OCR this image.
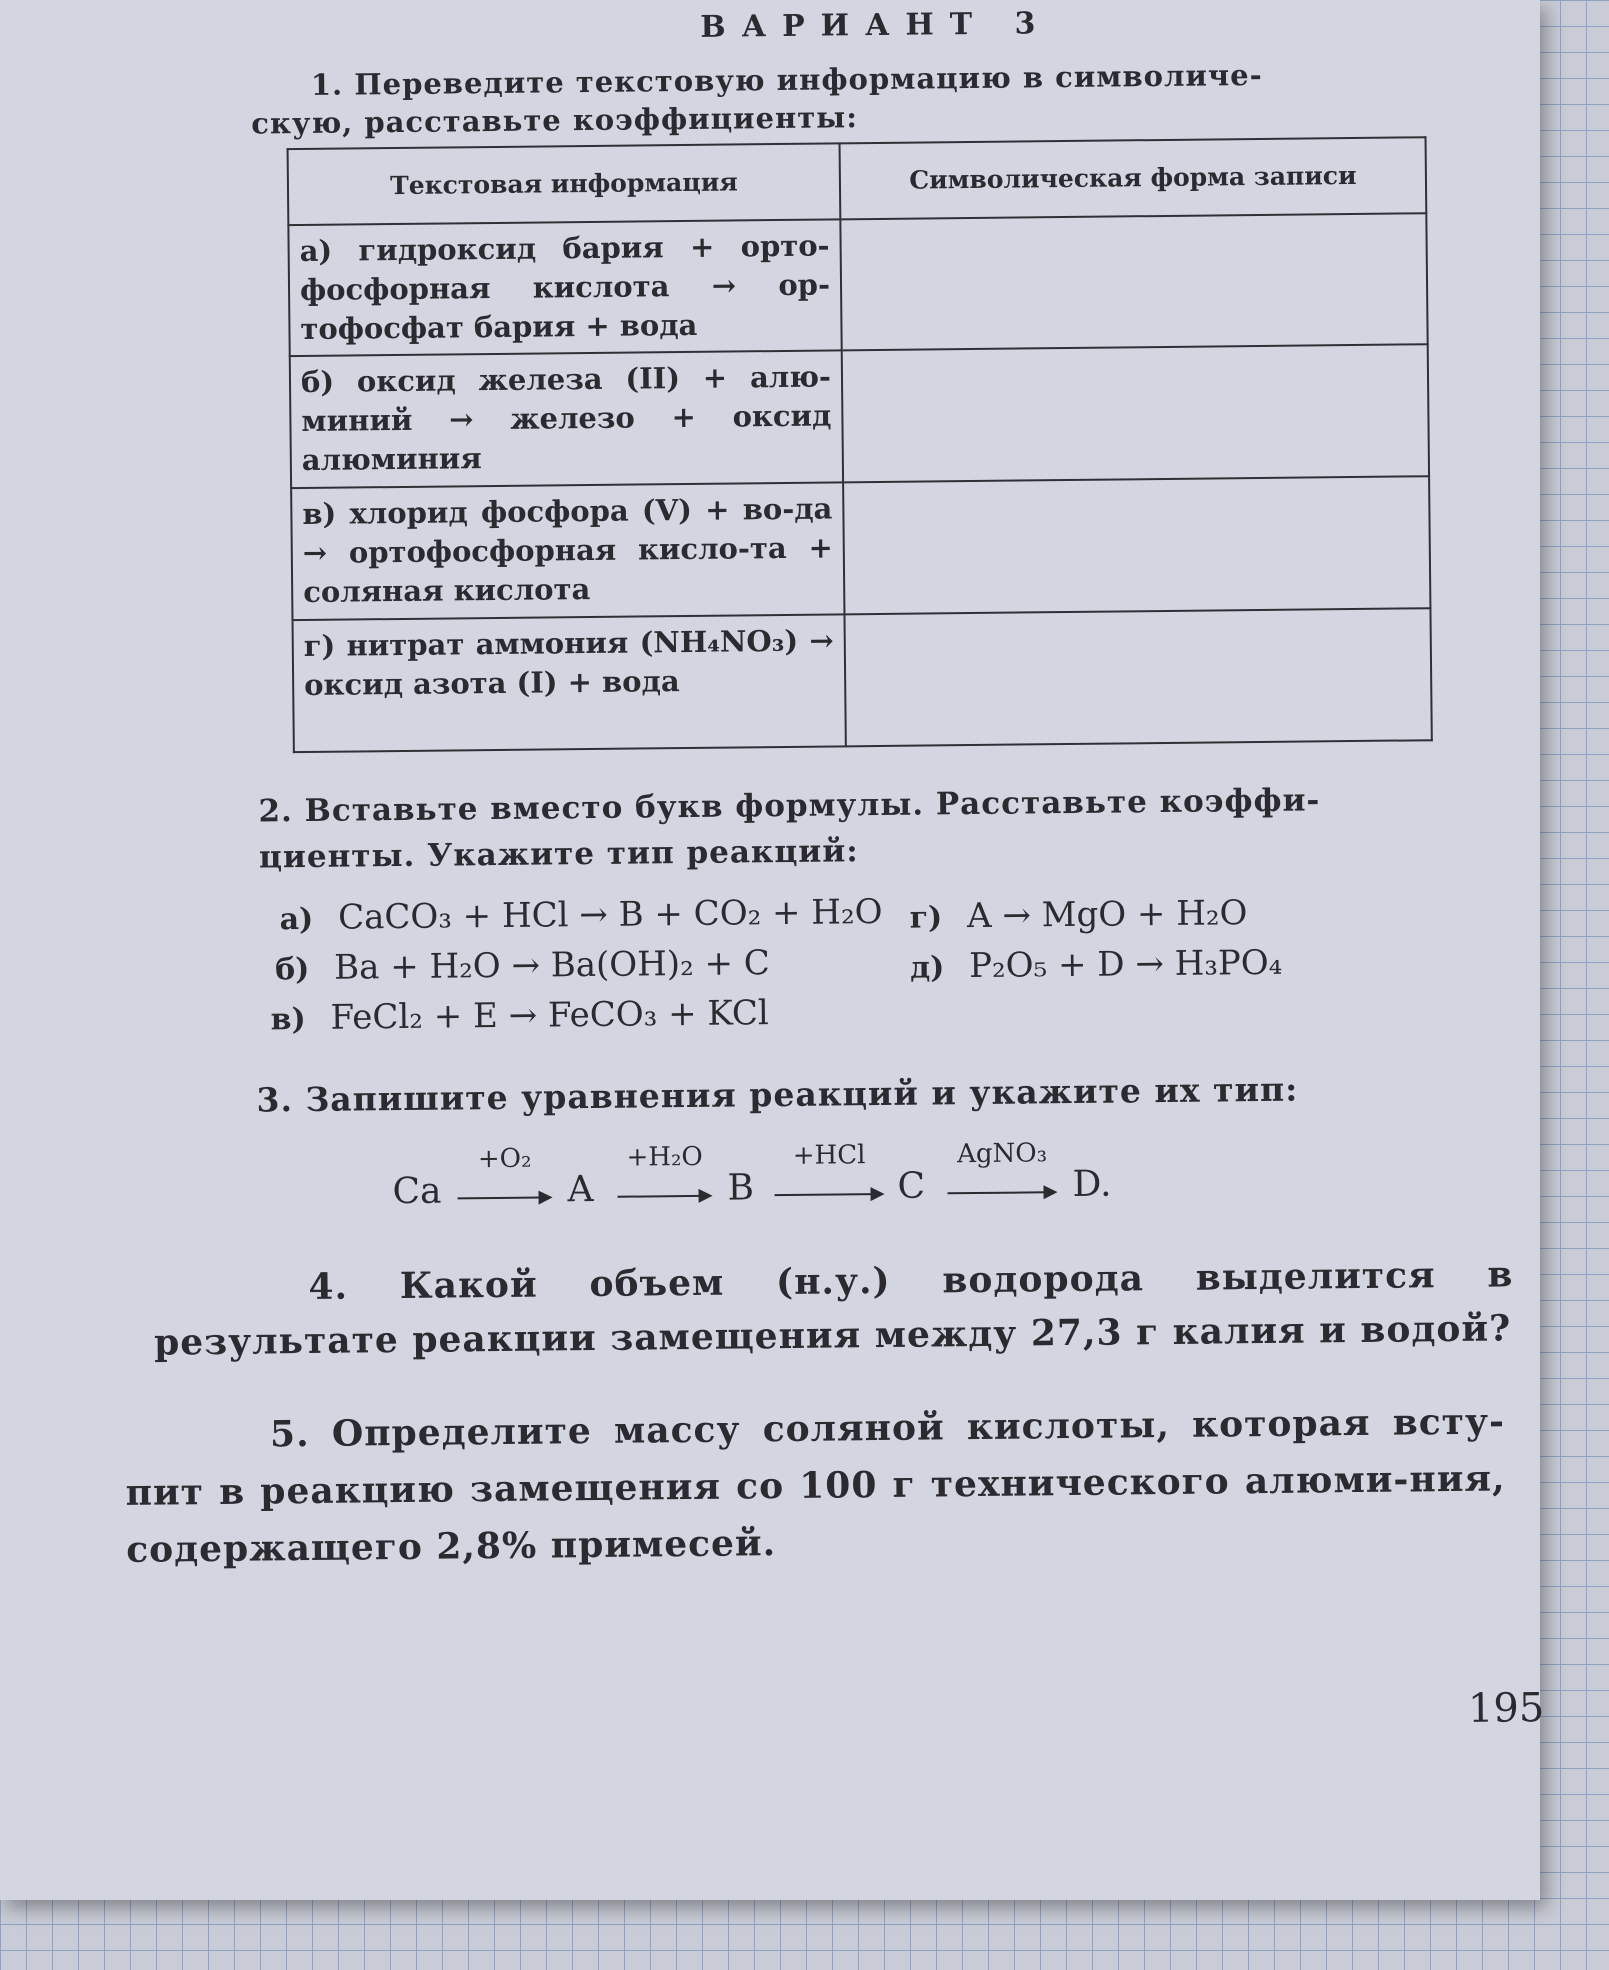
ВАРИАНТ 3
1. Переведите текстовую информацию в символиче-
скую, расставьте коэффициенты:
Текстовая информация	Символическая форма записи
а) гидроксид бария + орто-фосфорная кислота → ор-тофосфат бария + вода	
б) оксид железа (II) + алю-миний → железо + оксид алюминия	
в) хлорид фосфора (V) + во-да → ортофосфорная кисло-та + соляная кислота	
г) нитрат аммония (NH₄NO₃) → оксид азота (I) + вода	
2. Вставьте вместо букв формулы. Расставьте коэффи-циенты. Укажите тип реакций:
а) CaCO₃ + HCl → B + CO₂ + H₂O
б) Ba + H₂O → Ba(OH)₂ + C
в) FeCl₂ + E → FeCO₃ + KCl
г) A → MgO + H₂O
д) P₂O₅ + D → H₃PO₄
3. Запишите уравнения реакций и укажите их тип:
Ca
+O₂
A
+H₂O
B
+HCl
C
AgNO₃
D.
4. Какой объем (н.у.) водорода выделится в результате реакции замещения между 27,3 г калия и водой?
5. Определите массу соляной кислоты, которая всту-пит в реакцию замещения со 100 г технического алюми-ния, содержащего 2,8% примесей.
195
